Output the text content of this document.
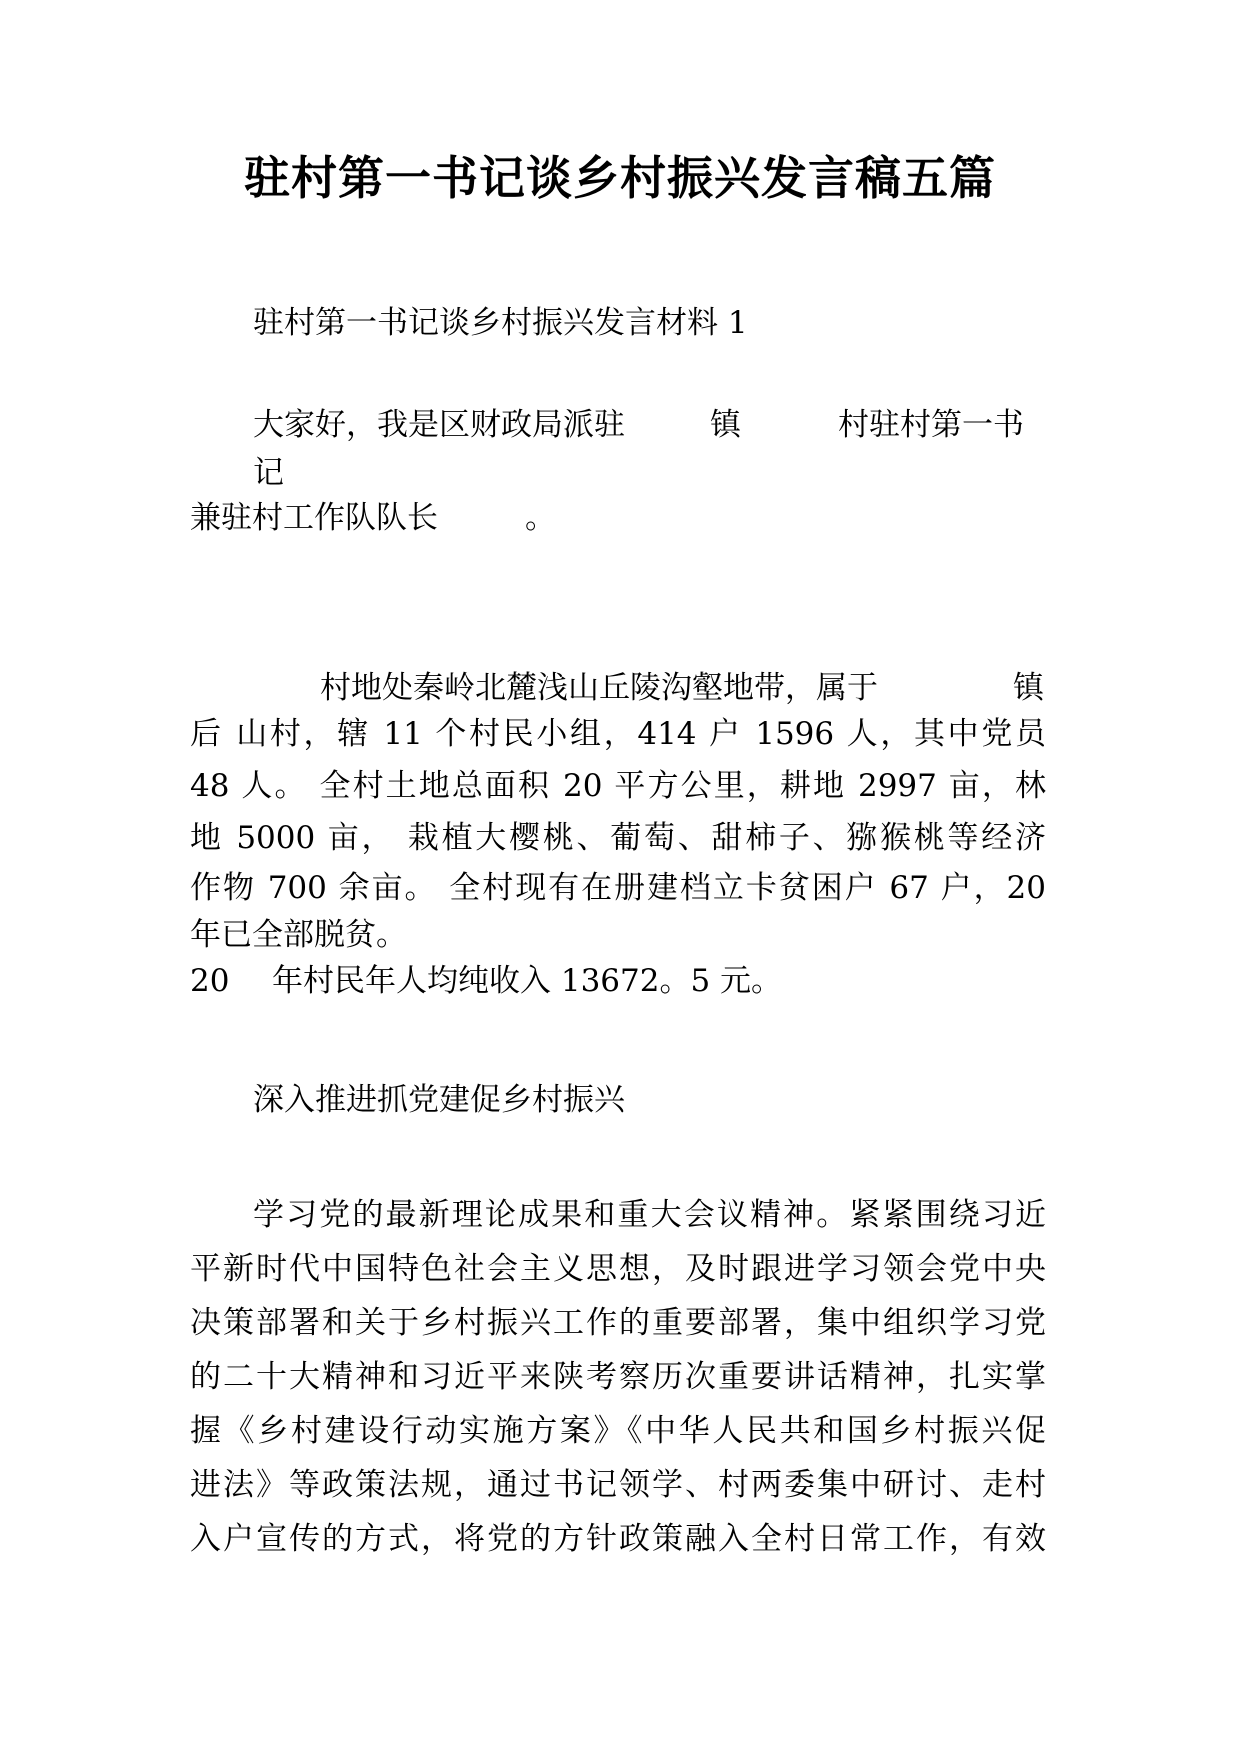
驻村第一书记谈乡村振兴发言稿五篇
驻村第一书记谈乡村振兴发言材料 1
大家好，我是区财政局派驻	镇	村驻村第一书
记
兼驻村工作队队长	。
村地处秦岭北麓浅山丘陵沟壑地带，属于	镇
后 山村，辖 11 个村民小组，414 户 1596 人，其中党员
48 人。 全村土地总面积 20 平方公里，耕地 2997 亩，林
地 5000 亩， 栽植大樱桃、葡萄、甜柿子、猕猴桃等经济
作物 700 余亩。 全村现有在册建档立卡贫困户 67 户，20
年已全部脱贫。
20 年村民年人均纯收入 13672。5 元。
深入推进抓党建促乡村振兴
学习党的最新理论成果和重大会议精神。紧紧围绕习近
平新时代中国特色社会主义思想，及时跟进学习领会党中央
决策部署和关于乡村振兴工作的重要部署，集中组织学习党
的二十大精神和习近平来陕考察历次重要讲话精神，扎实掌
握《乡村建设行动实施方案》《中华人民共和国乡村振兴促
进法》等政策法规，通过书记领学、村两委集中研讨、走村
入户宣传的方式，将党的方针政策融入全村日常工作，有效
